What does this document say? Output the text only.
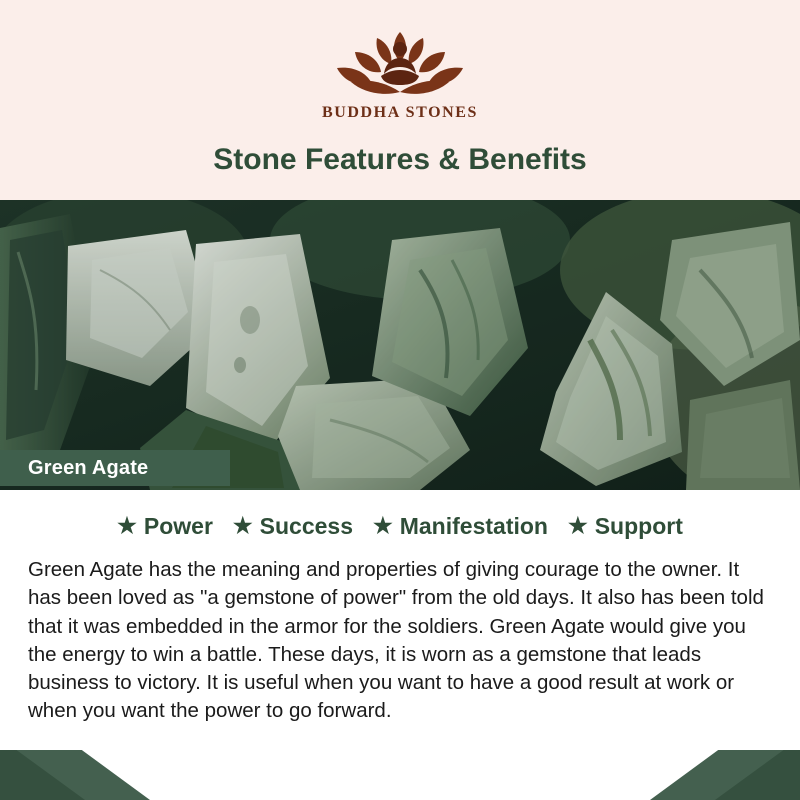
BUDDHA STONES
Stone Features & Benefits
Green Agate
★ Power ★ Success ★ Manifestation ★ Support
Green Agate has the meaning and properties of giving courage to the owner. It has been loved as "a gemstone of power" from the old days. It also has been told that it was embedded in the armor for the soldiers. Green Agate would give you the energy to win a battle. These days, it is worn as a gemstone that leads business to victory. It is useful when you want to have a good result at work or when you want the power to go forward.
